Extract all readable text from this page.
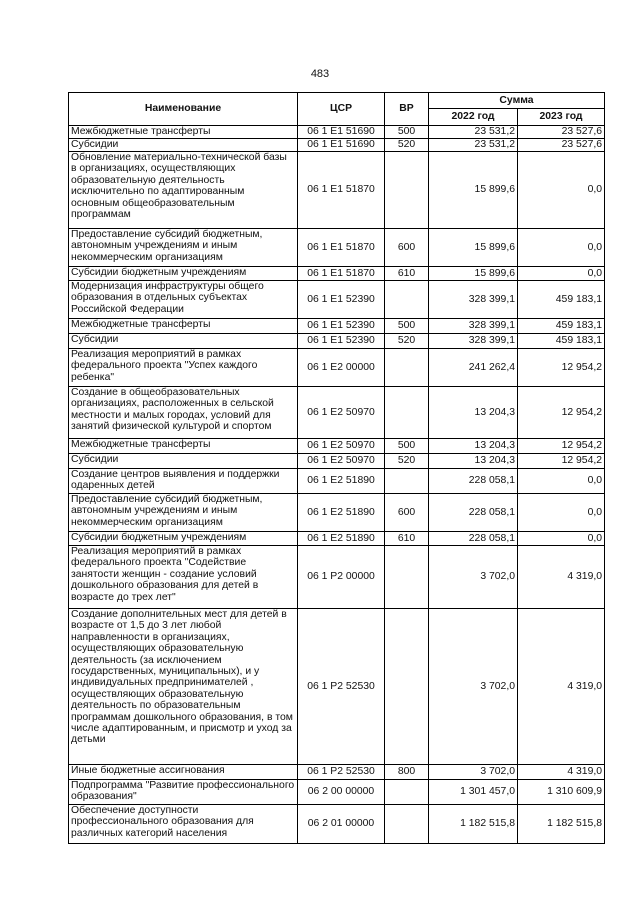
483
Наименование	ЦСР	ВР	Сумма	
			2022 год	2023 год
Межбюджетные трансферты	06 1 E1 51690	500	23 531,2	23 527,6
Субсидии	06 1 E1 51690	520	23 531,2	23 527,6
Обновление материально-технической базы в организациях, осуществляющих образовательную деятельность исключительно по адаптированным основным общеобразовательным программам	06 1 E1 51870		15 899,6	0,0
Предоставление субсидий бюджетным, автономным учреждениям и иным некоммерческим организациям	06 1 E1 51870	600	15 899,6	0,0
Субсидии бюджетным учреждениям	06 1 E1 51870	610	15 899,6	0,0
Модернизация инфраструктуры общего образования в отдельных субъектах Российской Федерации	06 1 E1 52390		328 399,1	459 183,1
Межбюджетные трансферты	06 1 E1 52390	500	328 399,1	459 183,1
Субсидии	06 1 E1 52390	520	328 399,1	459 183,1
Реализация мероприятий в рамках федерального проекта "Успех каждого ребенка"	06 1 E2 00000		241 262,4	12 954,2
Создание в общеобразовательных организациях, расположенных в сельской местности и малых городах, условий для занятий физической культурой и спортом	06 1 E2 50970		13 204,3	12 954,2
Межбюджетные трансферты	06 1 E2 50970	500	13 204,3	12 954,2
Субсидии	06 1 E2 50970	520	13 204,3	12 954,2
Создание центров выявления и поддержки одаренных детей	06 1 E2 51890		228 058,1	0,0
Предоставление субсидий бюджетным, автономным учреждениям и иным некоммерческим организациям	06 1 E2 51890	600	228 058,1	0,0
Субсидии бюджетным учреждениям	06 1 E2 51890	610	228 058,1	0,0
Реализация мероприятий в рамках федерального проекта "Содействие занятости женщин - создание условий дошкольного образования для детей в возрасте до трех лет"	06 1 P2 00000		3 702,0	4 319,0
Создание дополнительных мест для детей в возрасте от 1,5 до 3 лет любой направленности в организациях, осуществляющих образовательную деятельность (за исключением государственных, муниципальных), и у индивидуальных предпринимателей , осуществляющих образовательную деятельность по образовательным программам дошкольного образования, в том числе адаптированным, и присмотр и уход за детьми	06 1 P2 52530		3 702,0	4 319,0
Иные бюджетные ассигнования	06 1 P2 52530	800	3 702,0	4 319,0
Подпрограмма "Развитие профессионального образования"	06 2 00 00000		1 301 457,0	1 310 609,9
Обеспечение доступности профессионального образования для различных категорий населения	06 2 01 00000		1 182 515,8	1 182 515,8
